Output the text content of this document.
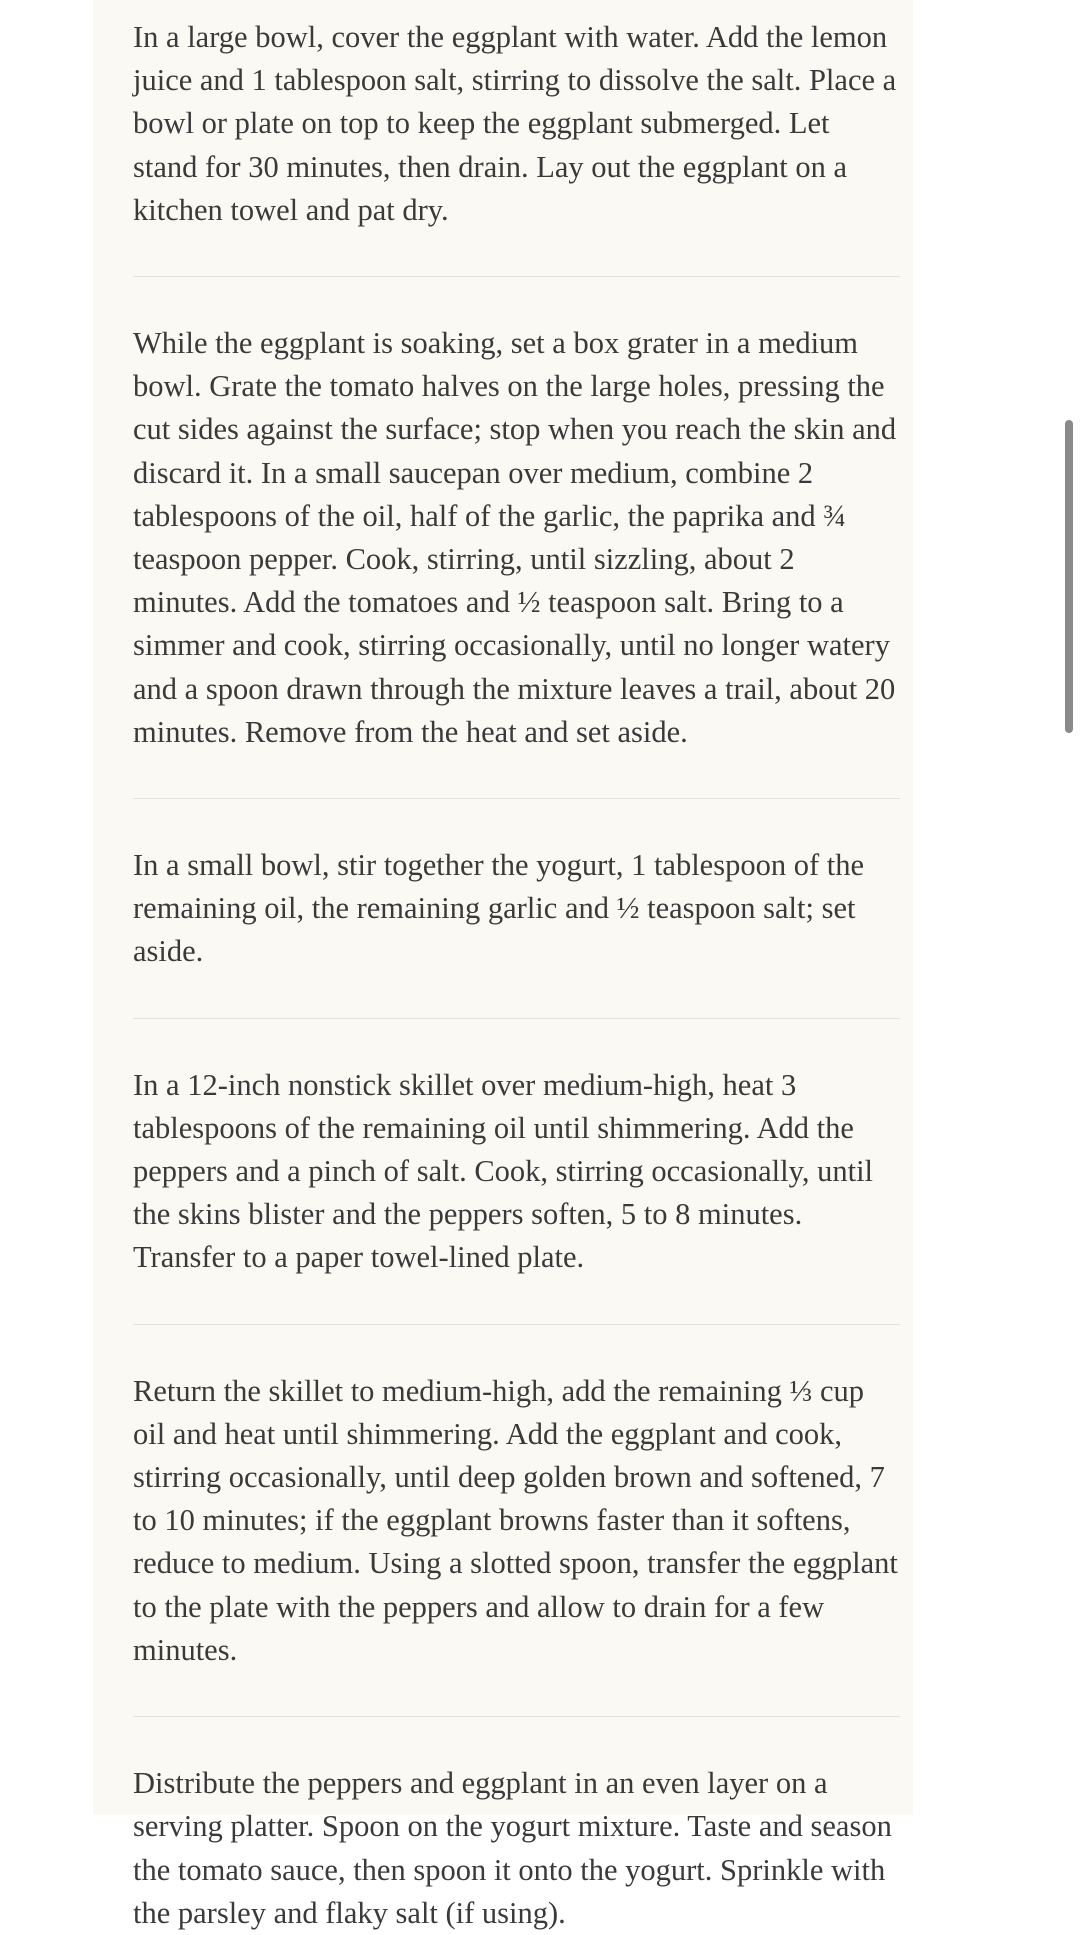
In a large bowl, cover the eggplant with water. Add the lemon juice and 1 tablespoon salt, stirring to dissolve the salt. Place a bowl or plate on top to keep the eggplant submerged. Let stand for 30 minutes, then drain. Lay out the eggplant on a kitchen towel and pat dry.

While the eggplant is soaking, set a box grater in a medium bowl. Grate the tomato halves on the large holes, pressing the cut sides against the surface; stop when you reach the skin and discard it. In a small saucepan over medium, combine 2 tablespoons of the oil, half of the garlic, the paprika and ¾ teaspoon pepper. Cook, stirring, until sizzling, about 2 minutes. Add the tomatoes and ½ teaspoon salt. Bring to a simmer and cook, stirring occasionally, until no longer watery and a spoon drawn through the mixture leaves a trail, about 20 minutes. Remove from the heat and set aside.

In a small bowl, stir together the yogurt, 1 tablespoon of the remaining oil, the remaining garlic and ½ teaspoon salt; set aside.

In a 12-inch nonstick skillet over medium-high, heat 3 tablespoons of the remaining oil until shimmering. Add the peppers and a pinch of salt. Cook, stirring occasionally, until the skins blister and the peppers soften, 5 to 8 minutes. Transfer to a paper towel-lined plate.

Return the skillet to medium-high, add the remaining ⅓ cup oil and heat until shimmering. Add the eggplant and cook, stirring occasionally, until deep golden brown and softened, 7 to 10 minutes; if the eggplant browns faster than it softens, reduce to medium. Using a slotted spoon, transfer the eggplant to the plate with the peppers and allow to drain for a few minutes.

Distribute the peppers and eggplant in an even layer on a serving platter. Spoon on the yogurt mixture. Taste and season the tomato sauce, then spoon it onto the yogurt. Sprinkle with the parsley and flaky salt (if using).
